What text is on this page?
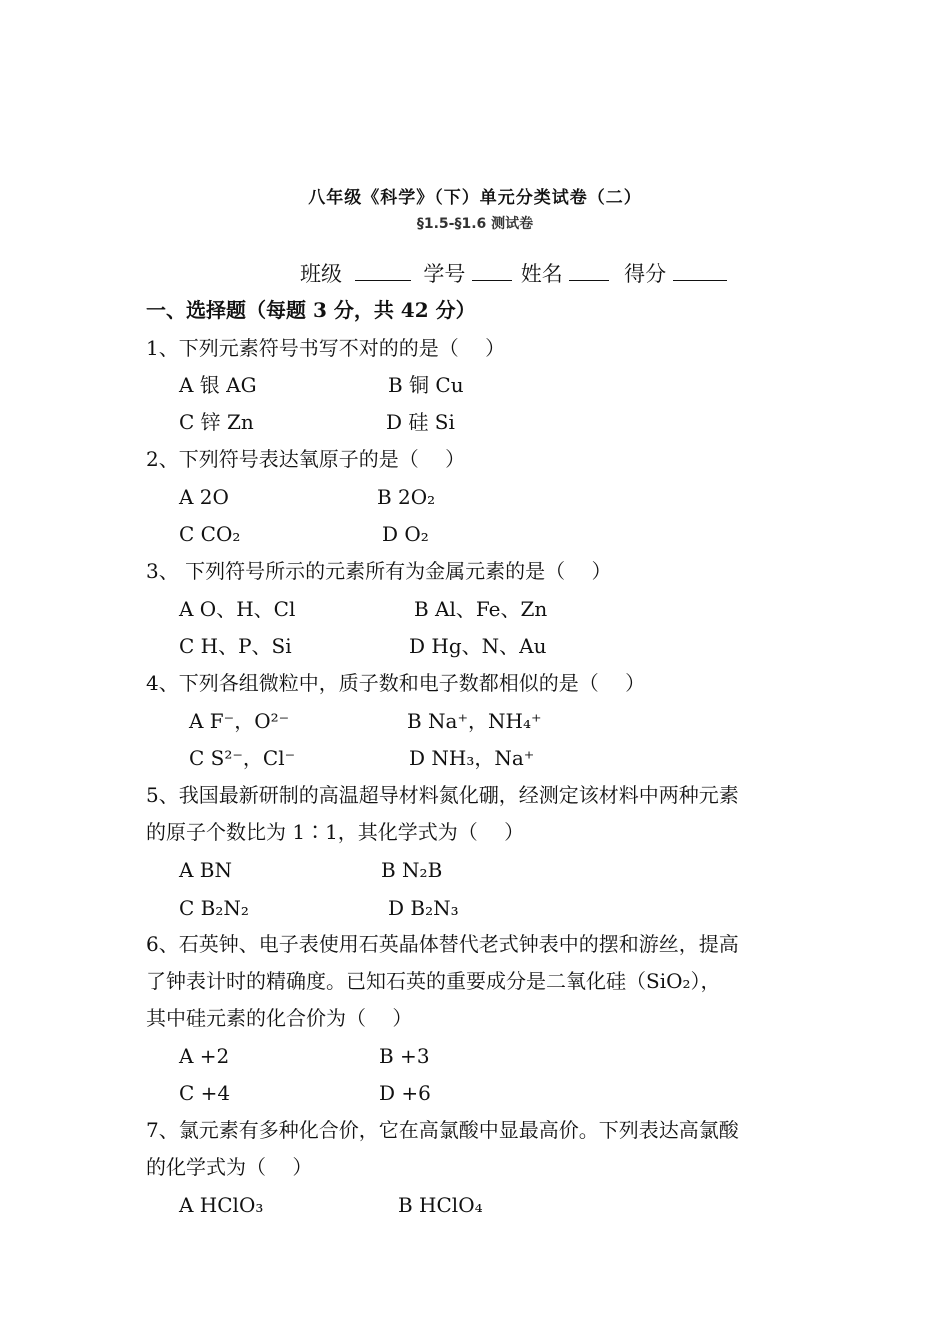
八年级《科学》（下）单元分类试卷（二）
§1.5-§1.6 测试卷
班级	学号	姓名	得分
一、选择题（每题 3 分，共 42 分）
1、下列元素符号书写不对的的是（　 ）
A 银 AG	B 铜 Cu
C 锌 Zn	D 硅 Si
2、下列符号表达氧原子的是（　 ）
A 2O	B 2O₂
C CO₂	D O₂
3、 下列符号所示的元素所有为金属元素的是（　 ）
A O、H、Cl	B Al、Fe、Zn
C H、P、Si	D Hg、N、Au
4、下列各组微粒中，质子数和电子数都相似的是（　 ）
A F⁻，O²⁻	B Na⁺，NH₄⁺
C S²⁻，Cl⁻	D NH₃，Na⁺
5、我国最新研制的高温超导材料氮化硼，经测定该材料中两种元素
的原子个数比为 1∶1，其化学式为（　 ）
A BN	B N₂B
C B₂N₂	D B₂N₃
6、石英钟、电子表使用石英晶体替代老式钟表中的摆和游丝，提高
了钟表计时的精确度。已知石英的重要成分是二氧化硅（SiO₂），
其中硅元素的化合价为（　 ）
A +2	B +3
C +4	D +6
7、氯元素有多种化合价，它在高氯酸中显最高价。下列表达高氯酸
的化学式为（　 ）
A HClO₃	B HClO₄
